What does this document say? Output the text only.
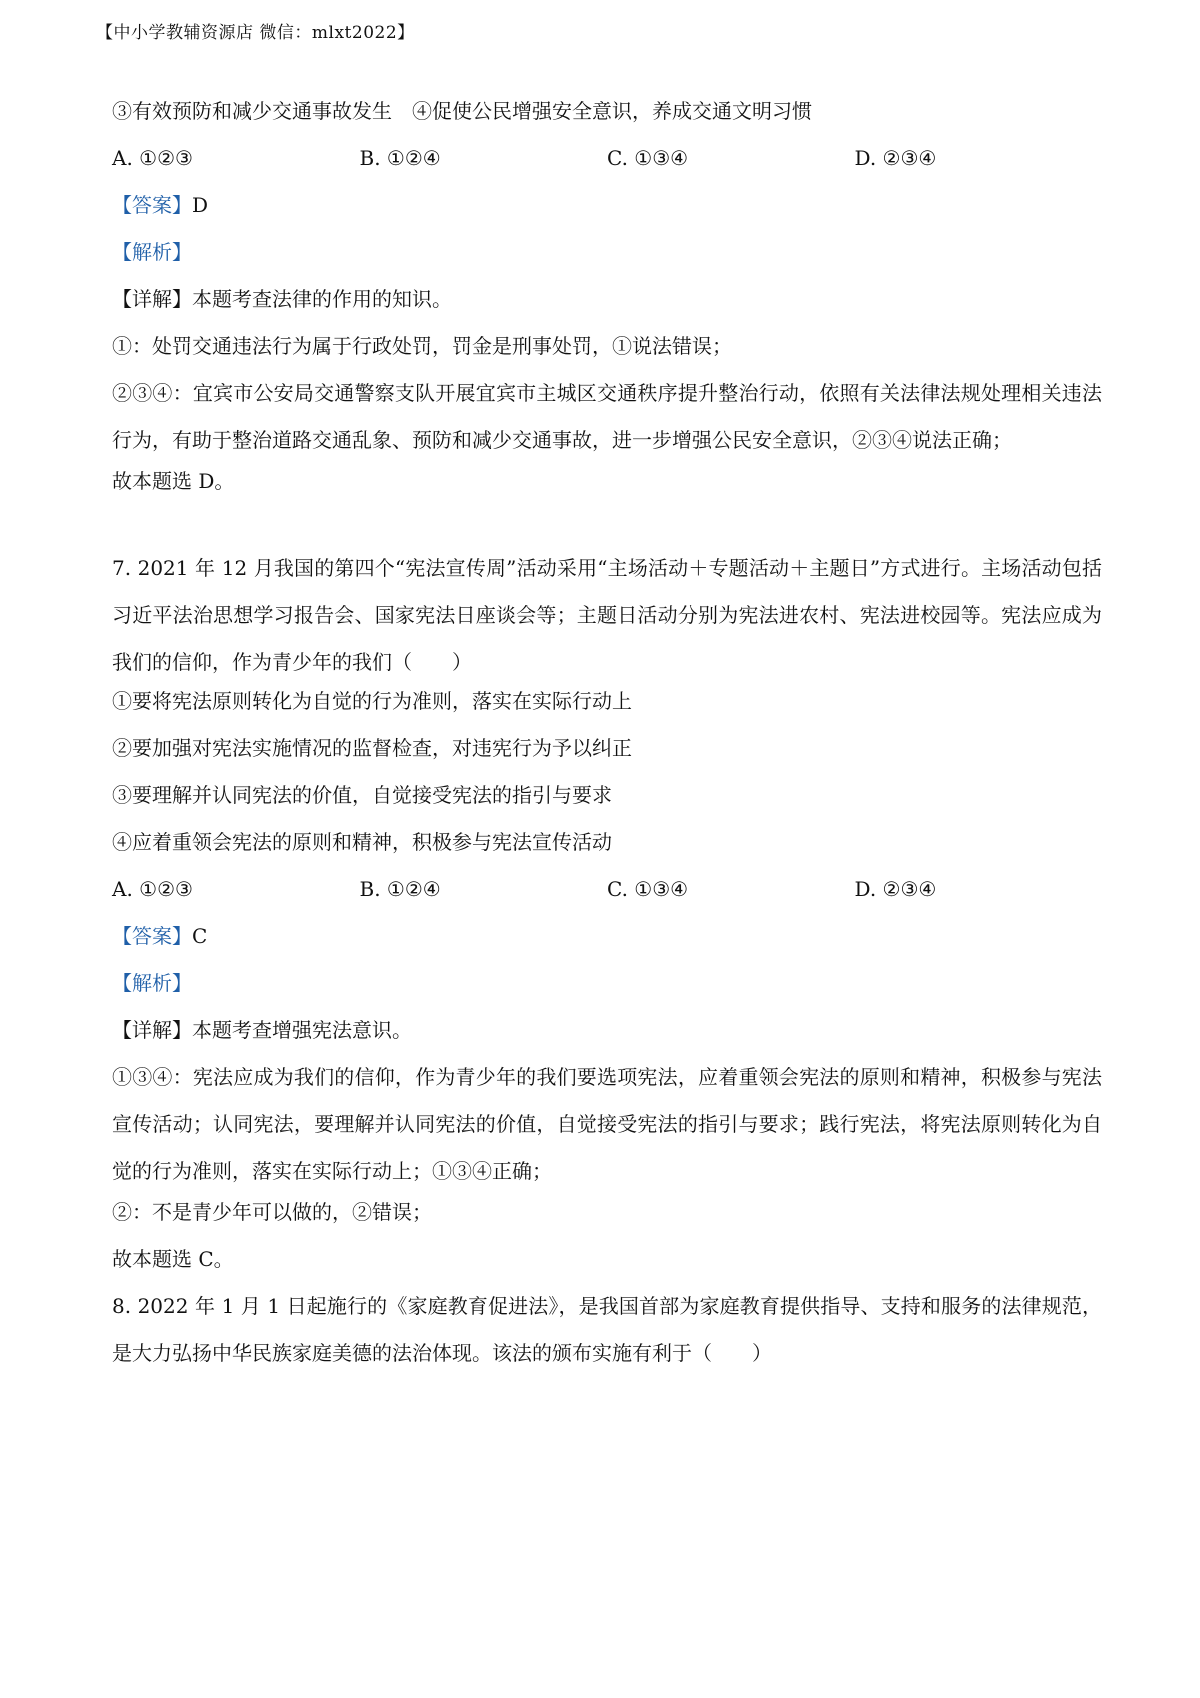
【中小学教辅资源店 微信：mlxt2022】
③有效预防和减少交通事故发生　④促使公民增强安全意识，养成交通文明习惯
A. ①②③	B. ①②④	C. ①③④	D. ②③④
【答案】D
【解析】
【详解】本题考查法律的作用的知识。
①：处罚交通违法行为属于行政处罚，罚金是刑事处罚，①说法错误；
②③④：宜宾市公安局交通警察支队开展宜宾市主城区交通秩序提升整治行动，依照有关法律法规处理相关违法行为，有助于整治道路交通乱象、预防和减少交通事故，进一步增强公民安全意识，②③④说法正确；
故本题选 D。
7. 2021 年 12 月我国的第四个“宪法宣传周”活动采用“主场活动＋专题活动＋主题日”方式进行。主场活动包括习近平法治思想学习报告会、国家宪法日座谈会等；主题日活动分别为宪法进农村、宪法进校园等。宪法应成为我们的信仰，作为青少年的我们（　　）
①要将宪法原则转化为自觉的行为准则，落实在实际行动上
②要加强对宪法实施情况的监督检查，对违宪行为予以纠正
③要理解并认同宪法的价值，自觉接受宪法的指引与要求
④应着重领会宪法的原则和精神，积极参与宪法宣传活动
A. ①②③	B. ①②④	C. ①③④	D. ②③④
【答案】C
【解析】
【详解】本题考查增强宪法意识。
①③④：宪法应成为我们的信仰，作为青少年的我们要选项宪法，应着重领会宪法的原则和精神，积极参与宪法宣传活动；认同宪法，要理解并认同宪法的价值，自觉接受宪法的指引与要求；践行宪法，将宪法原则转化为自觉的行为准则，落实在实际行动上；①③④正确；
②：不是青少年可以做的，②错误；
故本题选 C。
8. 2022 年 1 月 1 日起施行的《家庭教育促进法》，是我国首部为家庭教育提供指导、支持和服务的法律规范，是大力弘扬中华民族家庭美德的法治体现。该法的颁布实施有利于（　　）
